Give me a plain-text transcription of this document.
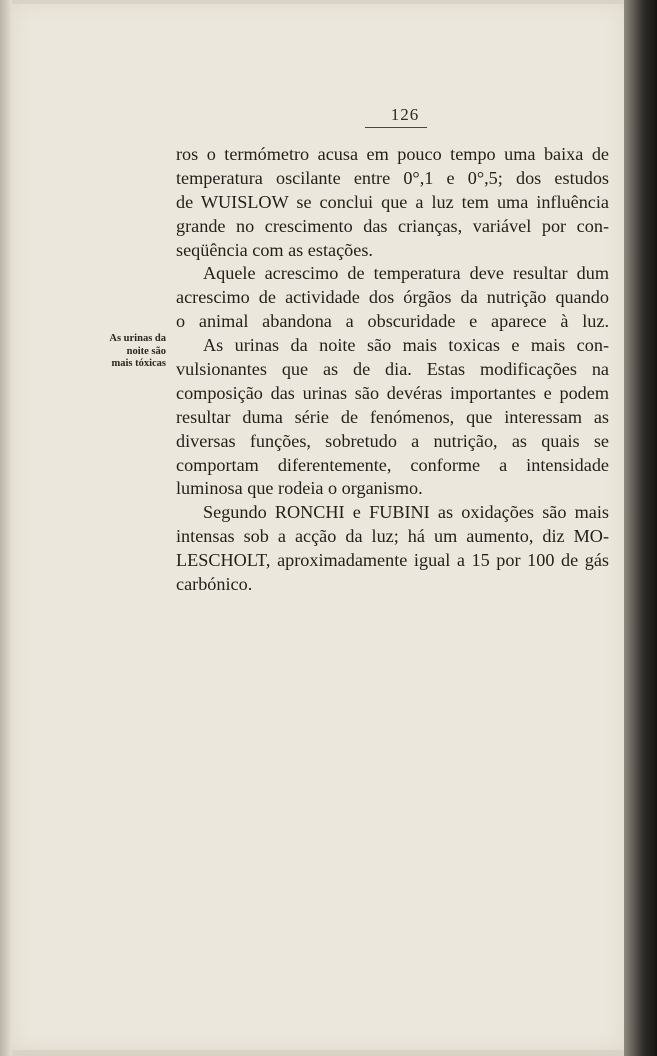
126
As urinas da
noite são
mais tóxicas
ros o termómetro acusa em pouco tempo uma baixa de
temperatura oscilante entre 0°,1 e 0°,5; dos estudos
de WUISLOW se conclui que a luz tem uma influência
grande no crescimento das crianças, variável por con-
seqüência com as estações.
Aquele acrescimo de temperatura deve resultar dum
acrescimo de actividade dos órgãos da nutrição quando
o animal abandona a obscuridade e aparece à luz.
As urinas da noite são mais toxicas e mais con-
vulsionantes que as de dia. Estas modificações na
composição das urinas são devéras importantes e podem
resultar duma série de fenómenos, que interessam as
diversas funções, sobretudo a nutrição, as quais se
comportam diferentemente, conforme a intensidade
luminosa que rodeia o organismo.
Segundo RONCHI e FUBINI as oxidações são mais
intensas sob a acção da luz; há um aumento, diz MO-
LESCHOLT, aproximadamente igual a 15 por 100 de gás
carbónico.
